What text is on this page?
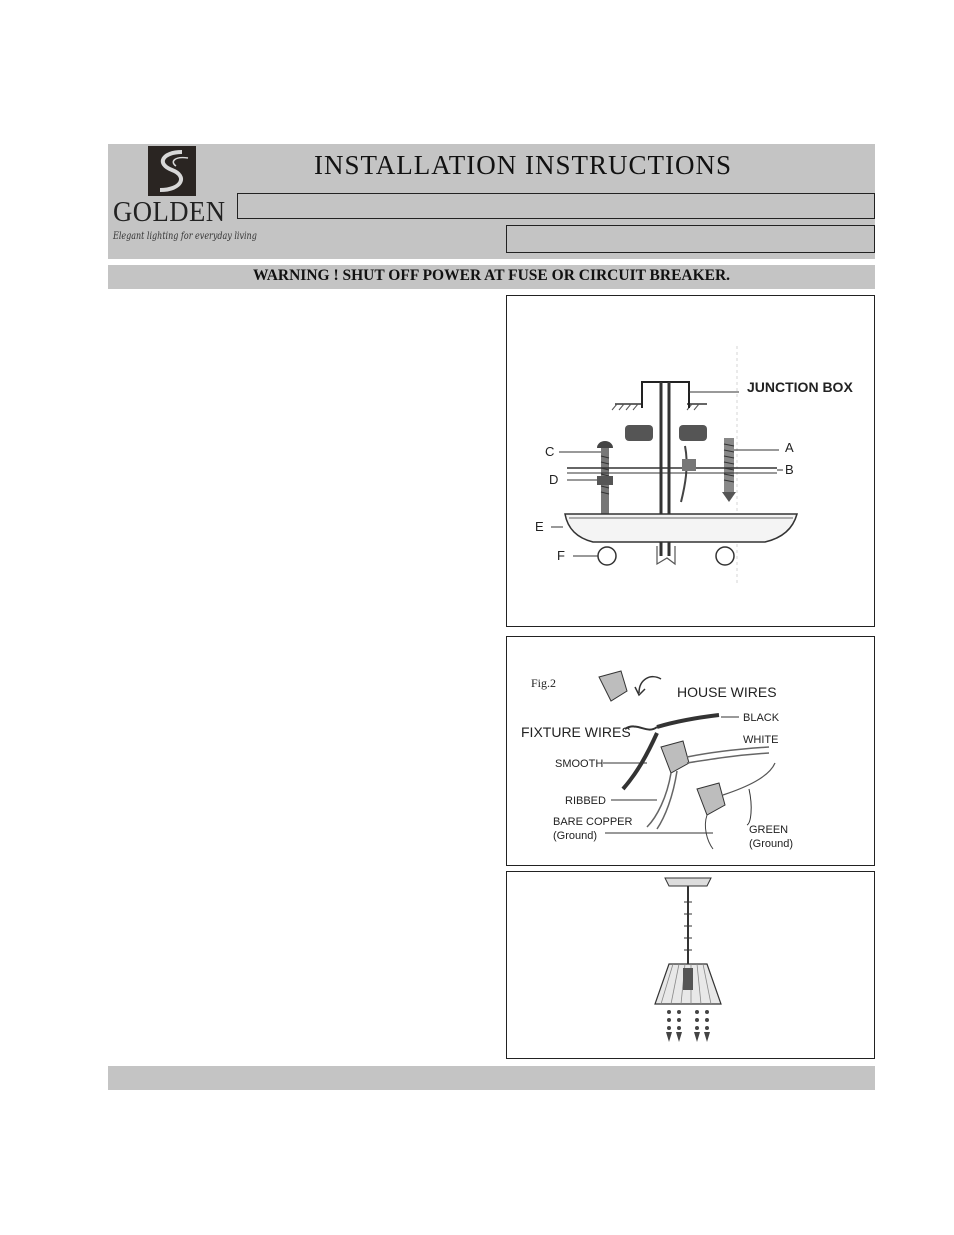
GOLDEN
Elegant lighting for everyday living
INSTALLATION INSTRUCTIONS
WARNING ! SHUT OFF POWER AT FUSE OR CIRCUIT BREAKER.
JUNCTION BOX
A
B
C
D
E
F
Fig.2
HOUSE WIRES
FIXTURE WIRES
BLACK
SMOOTH
WHITE
RIBBED
BARE COPPER
(Ground)	GREEN
(Ground)
